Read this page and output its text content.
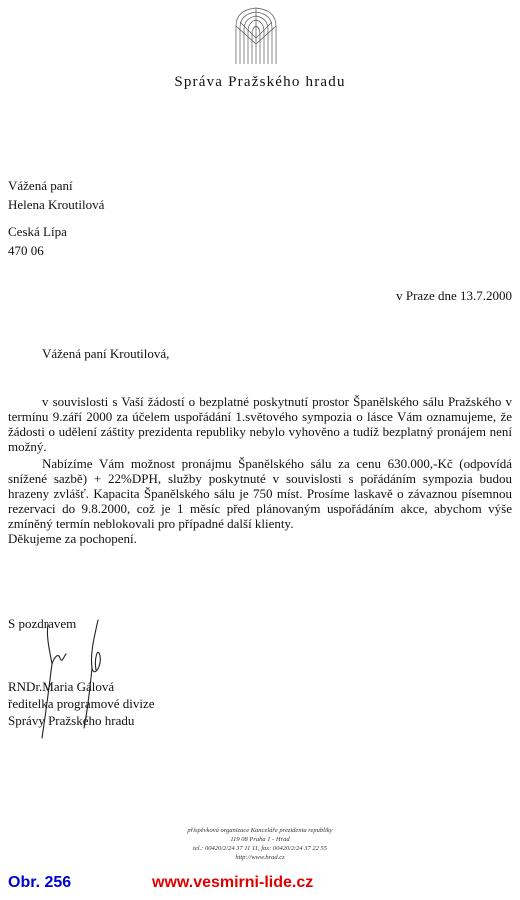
Správa Pražského hradu
Vážená paní
Helena Kroutilová
Ceská Lípa
470 06
v Praze dne 13.7.2000
Vážená paní Kroutilová,

v souvislosti s Vaší žádostí o bezplatné poskytnutí prostor Španělského sálu Pražského v termínu 9.září 2000 za účelem uspořádání 1.světového sympozia o lásce Vám oznamujeme, že žádosti o udělení záštity prezidenta republiky nebylo vyhověno a tudíž bezplatný pronájem není možný.

Nabízíme Vám možnost pronájmu Španělského sálu za cenu 630.000,-Kč (odpovídá snížené sazbě) + 22%DPH, služby poskytnuté v souvislosti s pořádáním sympozia budou hrazeny zvlášť. Kapacita Španělského sálu je 750 míst. Prosíme laskavě o závaznou písemnou rezervaci do 9.8.2000, což je 1 měsíc před plánovaným uspořádáním akce, abychom výše zmíněný termín neblokovali pro případné další klienty.

Děkujeme za pochopení.

S pozdravem
RNDr.Maria Gálová
ředitelka programové divize
Správy Pražského hradu
příspěvková organizace Kanceláře prezidenta republiky
119 08 Praha 1 - Hrad
tel.: 00420/2/24 37 11 11, fax: 00420/2/24 37 22 55
http://www.hrad.cz
Obr. 256	www.vesmirni-lide.cz
